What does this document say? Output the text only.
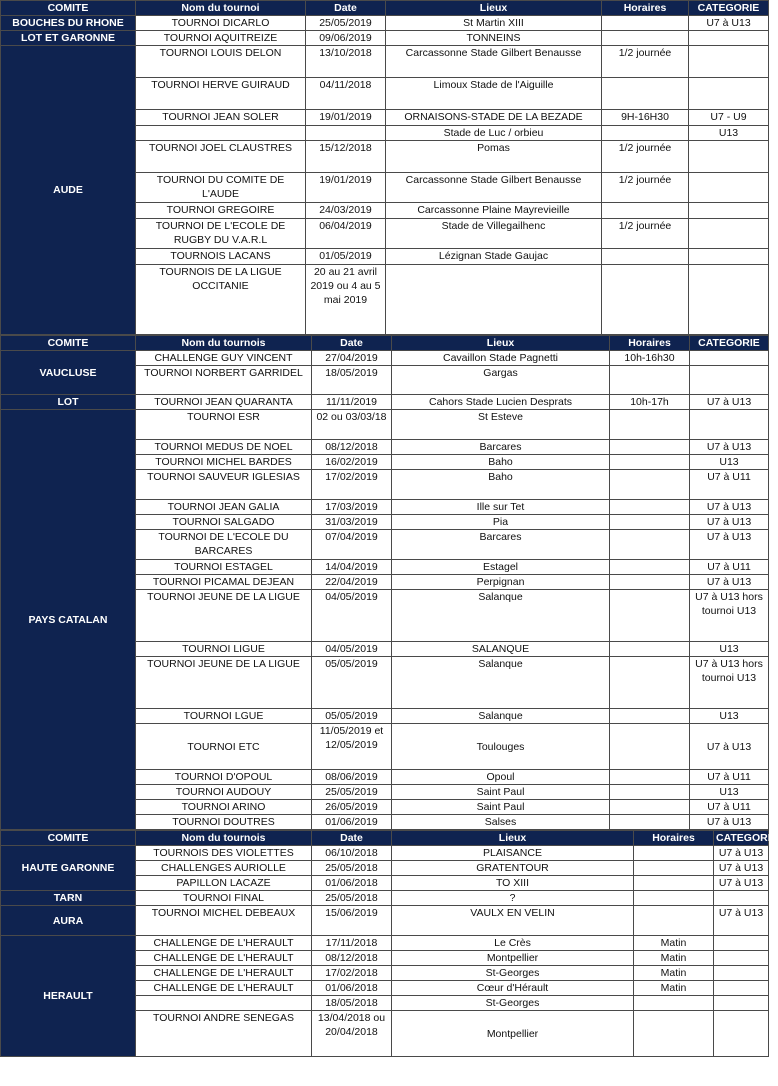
COMITE	Nom du tournoi	Date	Lieux	Horaires	CATEGORIE
BOUCHES DU RHONE	TOURNOI DICARLO	25/05/2019	St Martin XIII		U7 à U13
LOT ET GARONNE	TOURNOI AQUITREIZE	09/06/2019	TONNEINS		
AUDE	TOURNOI LOUIS DELON	13/10/2018	Carcassonne Stade Gilbert Benausse	1/2 journée	
	TOURNOI HERVE GUIRAUD	04/11/2018	Limoux Stade de l'Aiguille		
	TOURNOI JEAN SOLER	19/01/2019	ORNAISONS-STADE DE LA BEZADE	9H-16H30	U7 - U9
			Stade de Luc / orbieu		U13
	TOURNOI JOEL CLAUSTRES	15/12/2018	Pomas	1/2 journée	
	TOURNOI DU COMITE DE L'AUDE	19/01/2019	Carcassonne Stade Gilbert Benausse	1/2 journée	
	TOURNOI GREGOIRE	24/03/2019	Carcassonne Plaine Mayrevieille		
	TOURNOI DE L'ECOLE DE RUGBY DU V.A.R.L	06/04/2019	Stade de Villegailhenc	1/2 journée	
	TOURNOIS LACANS	01/05/2019	Lézignan Stade Gaujac		
	TOURNOIS DE LA LIGUE OCCITANIE	20 au 21 avril 2019 ou 4 au 5 mai 2019			
COMITE	Nom du tournois	Date	Lieux	Horaires	CATEGORIE
VAUCLUSE	CHALLENGE GUY VINCENT	27/04/2019	Cavaillon Stade Pagnetti	10h-16h30	
	TOURNOI NORBERT GARRIDEL	18/05/2019	Gargas		
LOT	TOURNOI JEAN QUARANTA	11/11/2019	Cahors Stade Lucien Desprats	10h-17h	U7 à U13
PAYS CATALAN	TOURNOI ESR	02 ou 03/03/18	St Esteve		
	TOURNOI MEDUS DE NOEL	08/12/2018	Barcares		U7 à U13
	TOURNOI MICHEL BARDES	16/02/2019	Baho		U13
	TOURNOI SAUVEUR IGLESIAS	17/02/2019	Baho		U7 à U11
	TOURNOI JEAN GALIA	17/03/2019	Ille sur Tet		U7 à U13
	TOURNOI SALGADO	31/03/2019	Pia		U7 à U13
	TOURNOI DE L'ECOLE DU BARCARES	07/04/2019	Barcares		U7 à U13
	TOURNOI ESTAGEL	14/04/2019	Estagel		U7 à U11
	TOURNOI PICAMAL DEJEAN	22/04/2019	Perpignan		U7 à U13
	TOURNOI JEUNE DE LA LIGUE	04/05/2019	Salanque		U7 à U13 hors tournoi U13
	TOURNOI LIGUE	04/05/2019	SALANQUE		U13
	TOURNOI JEUNE DE LA LIGUE	05/05/2019	Salanque		U7 à U13 hors tournoi U13
	TOURNOI LGUE	05/05/2019	Salanque		U13
	TOURNOI ETC	11/05/2019 et 12/05/2019	Toulouges		U7 à U13
	TOURNOI D'OPOUL	08/06/2019	Opoul		U7 à U11
	TOURNOI AUDOUY	25/05/2019	Saint Paul		U13
	TOURNOI ARINO	26/05/2019	Saint Paul		U7 à U11
	TOURNOI DOUTRES	01/06/2019	Salses		U7 à U13
COMITE	Nom du tournois	Date	Lieux	Horaires	CATEGORIE
HAUTE GARONNE	TOURNOIS DES VIOLETTES	06/10/2018	PLAISANCE		U7 à U13
	CHALLENGES AURIOLLE	25/05/2018	GRATENTOUR		U7 à U13
	PAPILLON LACAZE	01/06/2018	TO XIII		U7 à U13
TARN	TOURNOI FINAL	25/05/2018	?		
AURA	TOURNOI MICHEL DEBEAUX	15/06/2019	VAULX EN VELIN		U7 à U13
HERAULT	CHALLENGE DE L'HERAULT	17/11/2018	Le Crès	Matin	
	CHALLENGE DE L'HERAULT	08/12/2018	Montpellier	Matin	
	CHALLENGE DE L'HERAULT	17/02/2018	St-Georges	Matin	
	CHALLENGE DE L'HERAULT	01/06/2018	Cœur d'Hérault	Matin	
		18/05/2018	St-Georges		
	TOURNOI ANDRE SENEGAS	13/04/2018 ou 20/04/2018	Montpellier		
